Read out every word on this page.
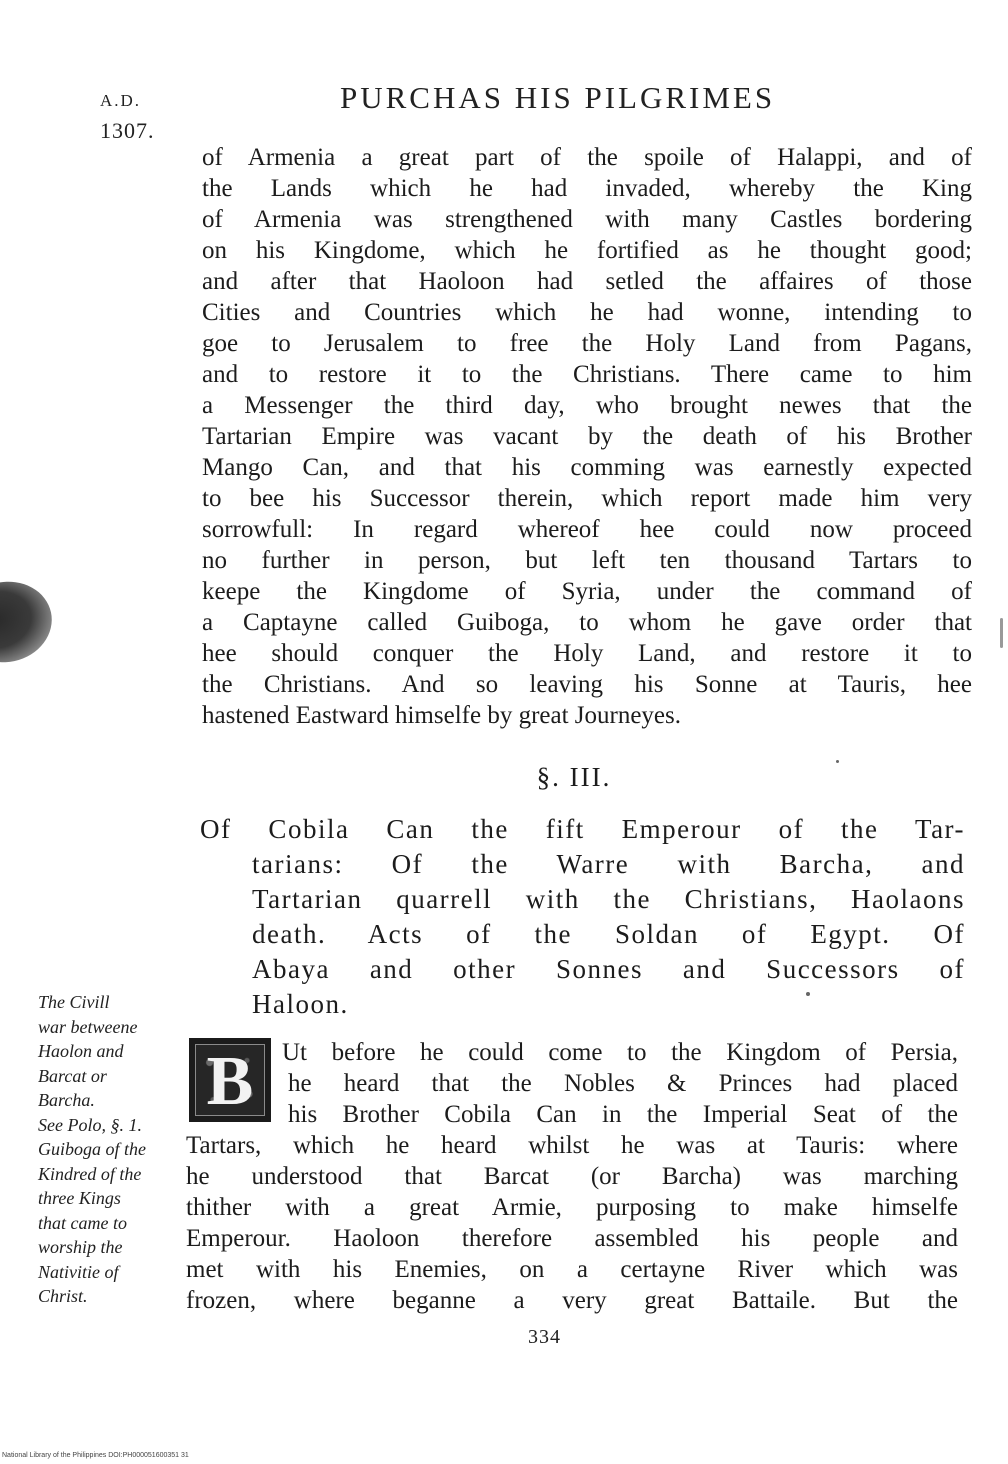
A.D.
1307.
PURCHAS HIS PILGRIMES
of Armenia a great part of the spoile of Halappi, and of
the Lands which he had invaded, whereby the King
of Armenia was strengthened with many Castles bordering
on his Kingdome, which he fortified as he thought good;
and after that Haoloon had setled the affaires of those
Cities and Countries which he had wonne, intending to
goe to Jerusalem to free the Holy Land from Pagans,
and to restore it to the Christians. There came to him
a Messenger the third day, who brought newes that the
Tartarian Empire was vacant by the death of his Brother
Mango Can, and that his comming was earnestly expected
to bee his Successor therein, which report made him very
sorrowfull: In regard whereof hee could now proceed
no further in person, but left ten thousand Tartars to
keepe the Kingdome of Syria, under the command of
a Captayne called Guiboga, to whom he gave order that
hee should conquer the Holy Land, and restore it to
the Christians. And so leaving his Sonne at Tauris, hee
hastened Eastward himselfe by great Journeyes.
§. III.
Of Cobila Can the fift Emperour of the Tar-
tarians: Of the Warre with Barcha, and
Tartarian quarrell with the Christians, Haolaons
death. Acts of the Soldan of Egypt. Of
Abaya and other Sonnes and Successors of
Haloon.
The Civill
war betweene
Haolon and
Barcat or
Barcha.
See Polo, §. 1.
Guiboga of the
Kindred of the
three Kings
that came to
worship the
Nativitie of
Christ.
B	Ut before he could come to the Kingdom of Persia,
he heard that the Nobles & Princes had placed
his Brother Cobila Can in the Imperial Seat of the
Tartars, which he heard whilst he was at Tauris: where
he understood that Barcat (or Barcha) was marching
thither with a great Armie, purposing to make himselfe
Emperour. Haoloon therefore assembled his people and
met with his Enemies, on a certayne River which was
frozen, where beganne a very great Battaile. But the
334
National Library of the Philippines DOI:PH000051600351 31
